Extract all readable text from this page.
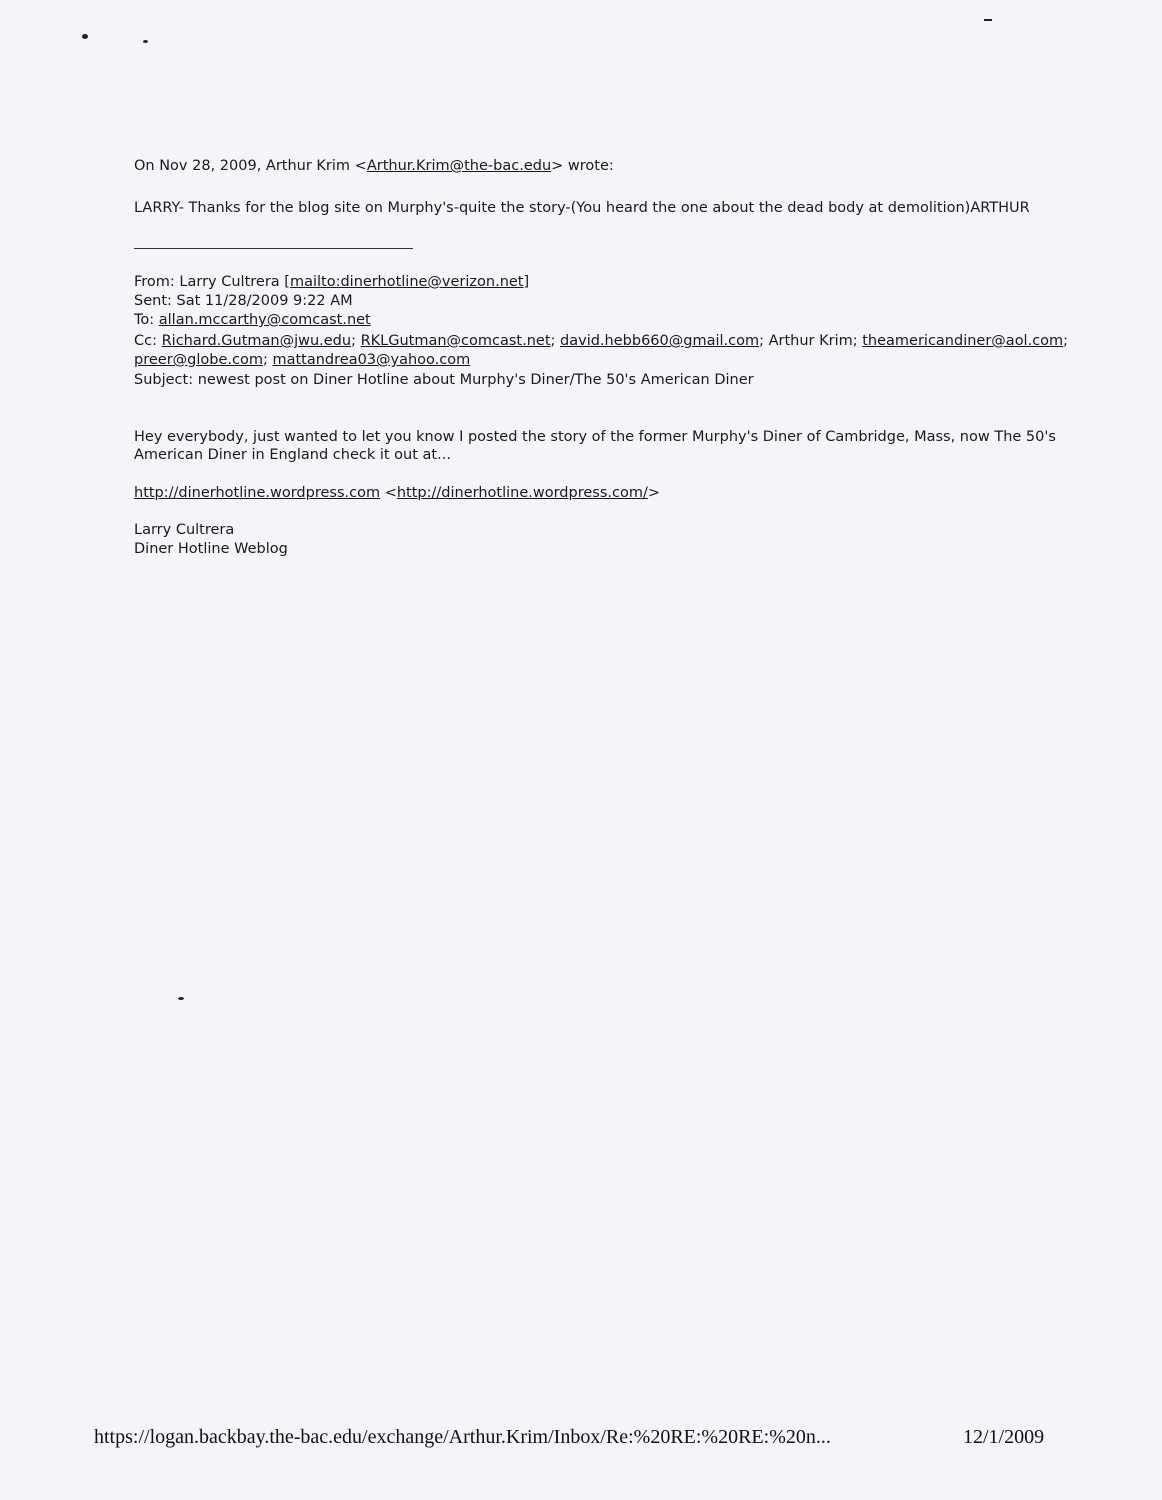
On Nov 28, 2009, Arthur Krim <Arthur.Krim@the-bac.edu> wrote:
LARRY- Thanks for the blog site on Murphy's-quite the story-(You heard the one about the dead body at demolition)ARTHUR
From: Larry Cultrera [mailto:dinerhotline@verizon.net]
Sent: Sat 11/28/2009 9:22 AM
To: allan.mccarthy@comcast.net
Cc: Richard.Gutman@jwu.edu; RKLGutman@comcast.net; david.hebb660@gmail.com; Arthur Krim; theamericandiner@aol.com;
preer@globe.com; mattandrea03@yahoo.com
Subject: newest post on Diner Hotline about Murphy's Diner/The 50's American Diner
Hey everybody, just wanted to let you know I posted the story of the former Murphy's Diner of Cambridge, Mass, now The 50's
American Diner in England check it out at...
http://dinerhotline.wordpress.com <http://dinerhotline.wordpress.com/>
Larry Cultrera
Diner Hotline Weblog
https://logan.backbay.the-bac.edu/exchange/Arthur.Krim/Inbox/Re:%20RE:%20RE:%20n...	12/1/2009
